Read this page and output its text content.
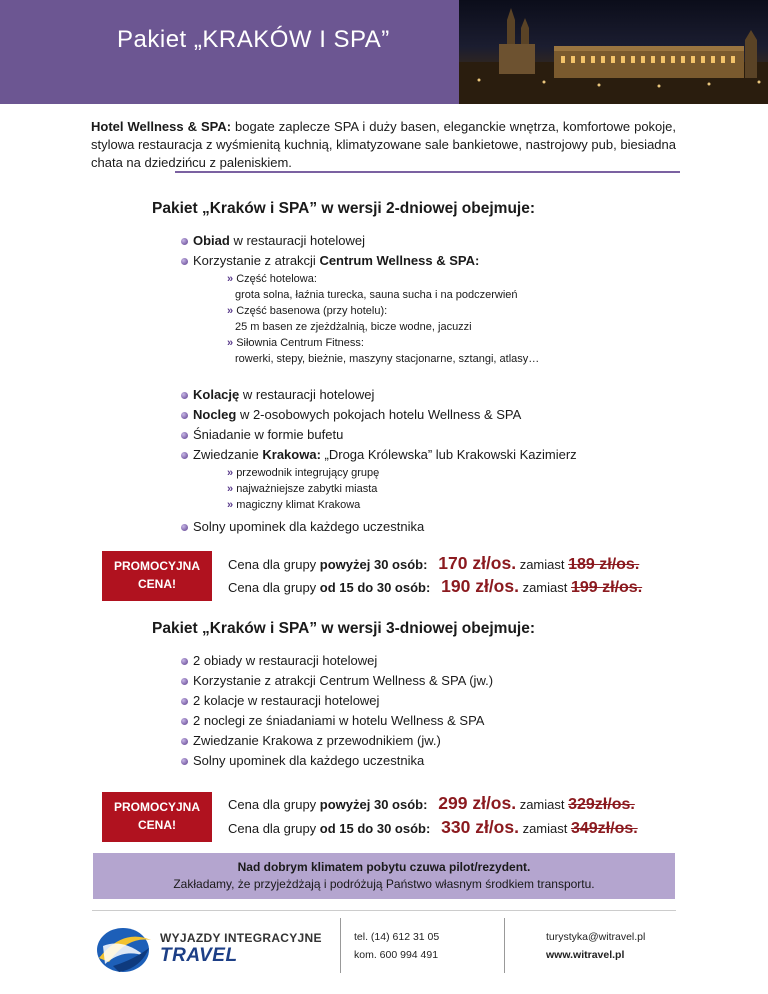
Pakiet „KRAKÓW I SPA”

Hotel Wellness & SPA: bogate zaplecze SPA i duży basen, eleganckie wnętrza, komfortowe pokoje, stylowa restauracja z wyśmienitą kuchnią, klimatyzowane sale bankietowe, nastrojowy pub, biesiadna chata na dziedzińcu z paleniskiem.

Pakiet „Kraków i SPA” w wersji 2-dniowej obejmuje:
Obiad w restauracji hotelowej
Korzystanie z atrakcji Centrum Wellness & SPA:
» Część hotelowa:
grota solna, łaźnia turecka, sauna sucha i na podczerwień
» Część basenowa (przy hotelu):
25 m basen ze zjeżdżalnią, bicze wodne, jacuzzi
» Siłownia Centrum Fitness:
rowerki, stepy, bieżnie, maszyny stacjonarne, sztangi, atlasy…
Kolację w restauracji hotelowej
Nocleg w 2-osobowych pokojach hotelu Wellness & SPA
Śniadanie w formie bufetu
Zwiedzanie Krakowa: „Droga Królewska” lub Krakowski Kazimierz
» przewodnik integrujący grupę
» najważniejsze zabytki miasta
» magiczny klimat Krakowa
Solny upominek dla każdego uczestnika
PROMOCYJNA
CENA!
Cena dla grupy powyżej 30 osób: 170 zł/os. zamiast 189 zł/os.
Cena dla grupy od 15 do 30 osób: 190 zł/os. zamiast 199 zł/os.
Pakiet „Kraków i SPA” w wersji 3-dniowej obejmuje:
2 obiady w restauracji hotelowej
Korzystanie z atrakcji Centrum Wellness & SPA (jw.)
2 kolacje w restauracji hotelowej
2 noclegi ze śniadaniami w hotelu Wellness & SPA
Zwiedzanie Krakowa z przewodnikiem (jw.)
Solny upominek dla każdego uczestnika
PROMOCYJNA
CENA!
Cena dla grupy powyżej 30 osób: 299 zł/os. zamiast 329zł/os.
Cena dla grupy od 15 do 30 osób: 330 zł/os. zamiast 349zł/os.
Nad dobrym klimatem pobytu czuwa pilot/rezydent.
Zakładamy, że przyjeżdżają i podróżują Państwo własnym środkiem transportu.
WYJAZDY INTEGRACYJNE
TRAVEL
tel. (14) 612 31 05
kom. 600 994 491
turystyka@witravel.pl
www.witravel.pl
